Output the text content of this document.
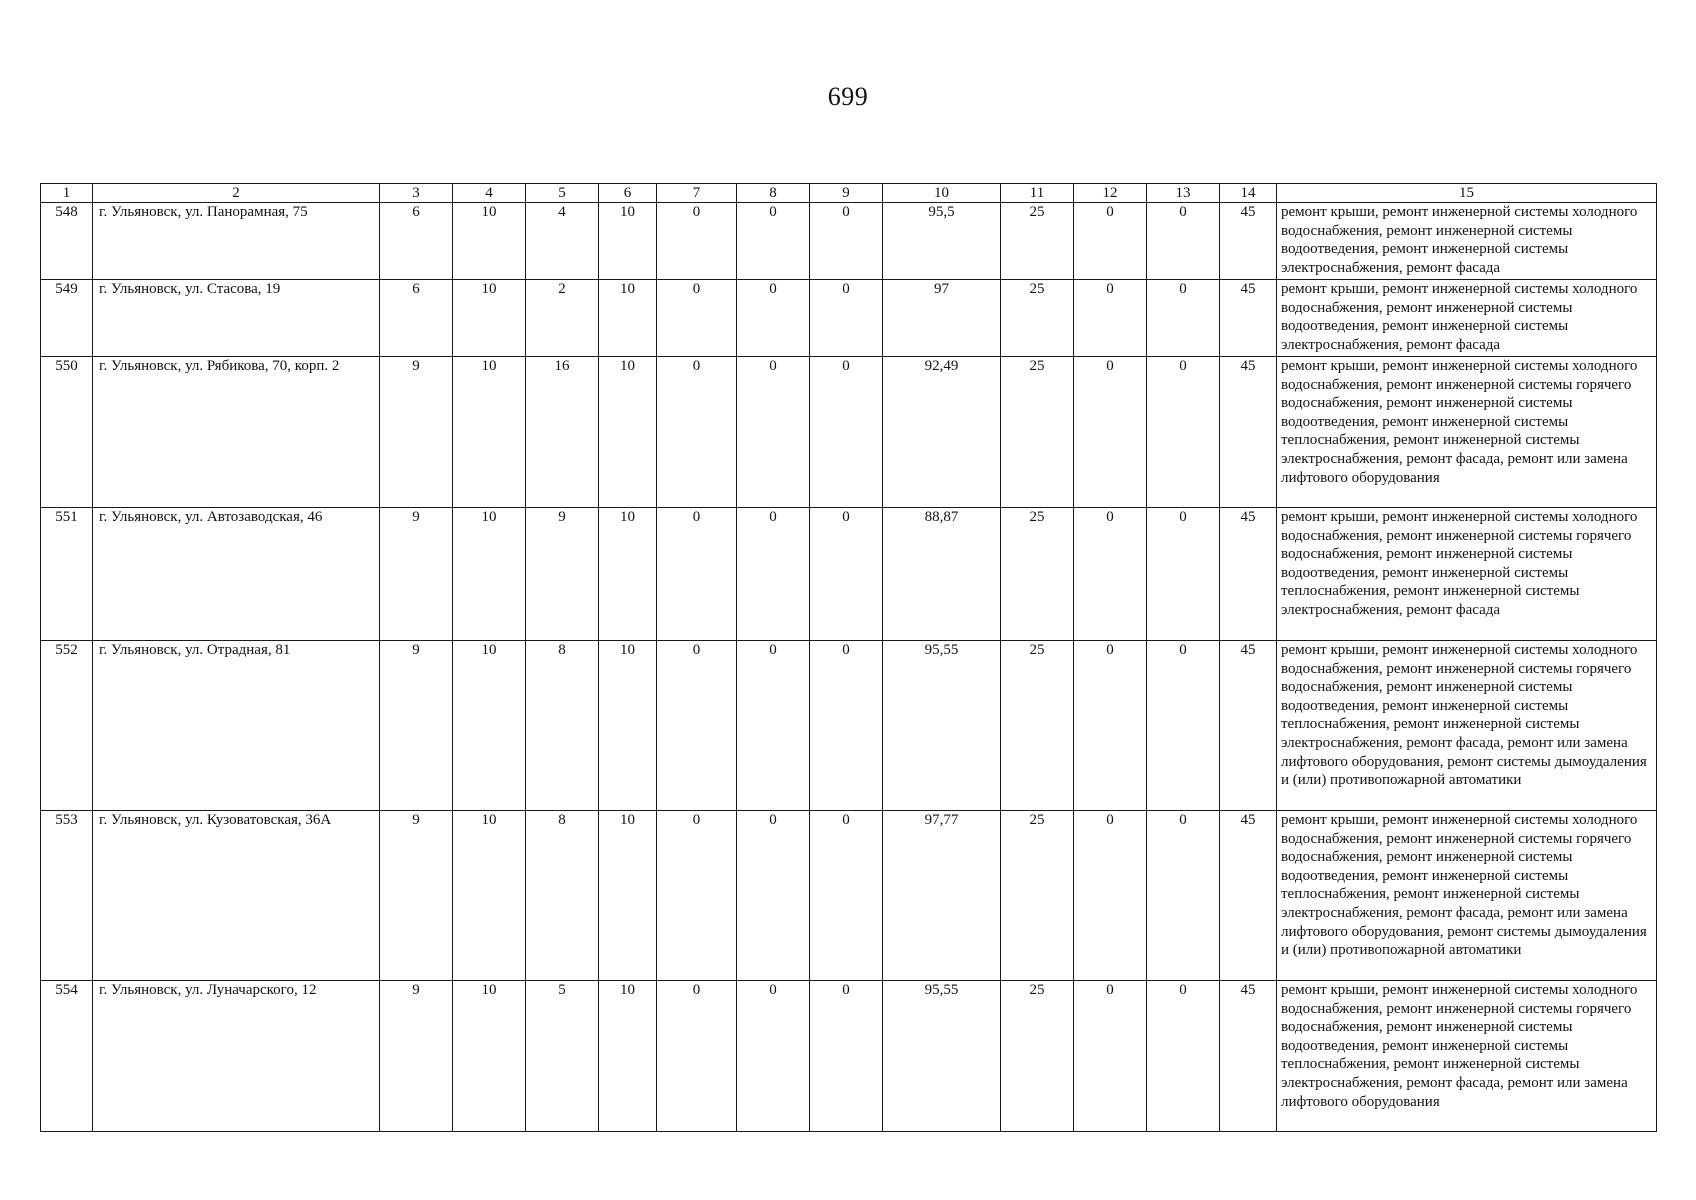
699
1	2	3	4	5	6	7	8	9	10	11	12	13	14	15
548	г. Ульяновск, ул. Панорамная, 75	6	10	4	10	0	0	0	95,5	25	0	0	45	ремонт крыши, ремонт инженерной системы холодного водоснабжения, ремонт инженерной системы водоотведения, ремонт инженерной системы электроснабжения, ремонт фасада
549	г. Ульяновск, ул. Стасова, 19	6	10	2	10	0	0	0	97	25	0	0	45	ремонт крыши, ремонт инженерной системы холодного водоснабжения, ремонт инженерной системы водоотведения, ремонт инженерной системы электроснабжения, ремонт фасада
550	г. Ульяновск, ул. Рябикова, 70, корп. 2	9	10	16	10	0	0	0	92,49	25	0	0	45	ремонт крыши, ремонт инженерной системы холодного водоснабжения, ремонт инженерной системы горячего водоснабжения, ремонт инженерной системы водоотведения, ремонт инженерной системы теплоснабжения, ремонт инженерной системы электроснабжения, ремонт фасада, ремонт или замена лифтового оборудования
551	г. Ульяновск, ул. Автозаводская, 46	9	10	9	10	0	0	0	88,87	25	0	0	45	ремонт крыши, ремонт инженерной системы холодного водоснабжения, ремонт инженерной системы горячего водоснабжения, ремонт инженерной системы водоотведения, ремонт инженерной системы теплоснабжения, ремонт инженерной системы электроснабжения, ремонт фасада
552	г. Ульяновск, ул. Отрадная, 81	9	10	8	10	0	0	0	95,55	25	0	0	45	ремонт крыши, ремонт инженерной системы холодного водоснабжения, ремонт инженерной системы горячего водоснабжения, ремонт инженерной системы водоотведения, ремонт инженерной системы теплоснабжения, ремонт инженерной системы электроснабжения, ремонт фасада, ремонт или замена лифтового оборудования, ремонт системы дымоудаления и (или) противопожарной автоматики
553	г. Ульяновск, ул. Кузоватовская, 36А	9	10	8	10	0	0	0	97,77	25	0	0	45	ремонт крыши, ремонт инженерной системы холодного водоснабжения, ремонт инженерной системы горячего водоснабжения, ремонт инженерной системы водоотведения, ремонт инженерной системы теплоснабжения, ремонт инженерной системы электроснабжения, ремонт фасада, ремонт или замена лифтового оборудования, ремонт системы дымоудаления и (или) противопожарной автоматики
554	г. Ульяновск, ул. Луначарского, 12	9	10	5	10	0	0	0	95,55	25	0	0	45	ремонт крыши, ремонт инженерной системы холодного водоснабжения, ремонт инженерной системы горячего водоснабжения, ремонт инженерной системы водоотведения, ремонт инженерной системы теплоснабжения, ремонт инженерной системы электроснабжения, ремонт фасада, ремонт или замена лифтового оборудования
